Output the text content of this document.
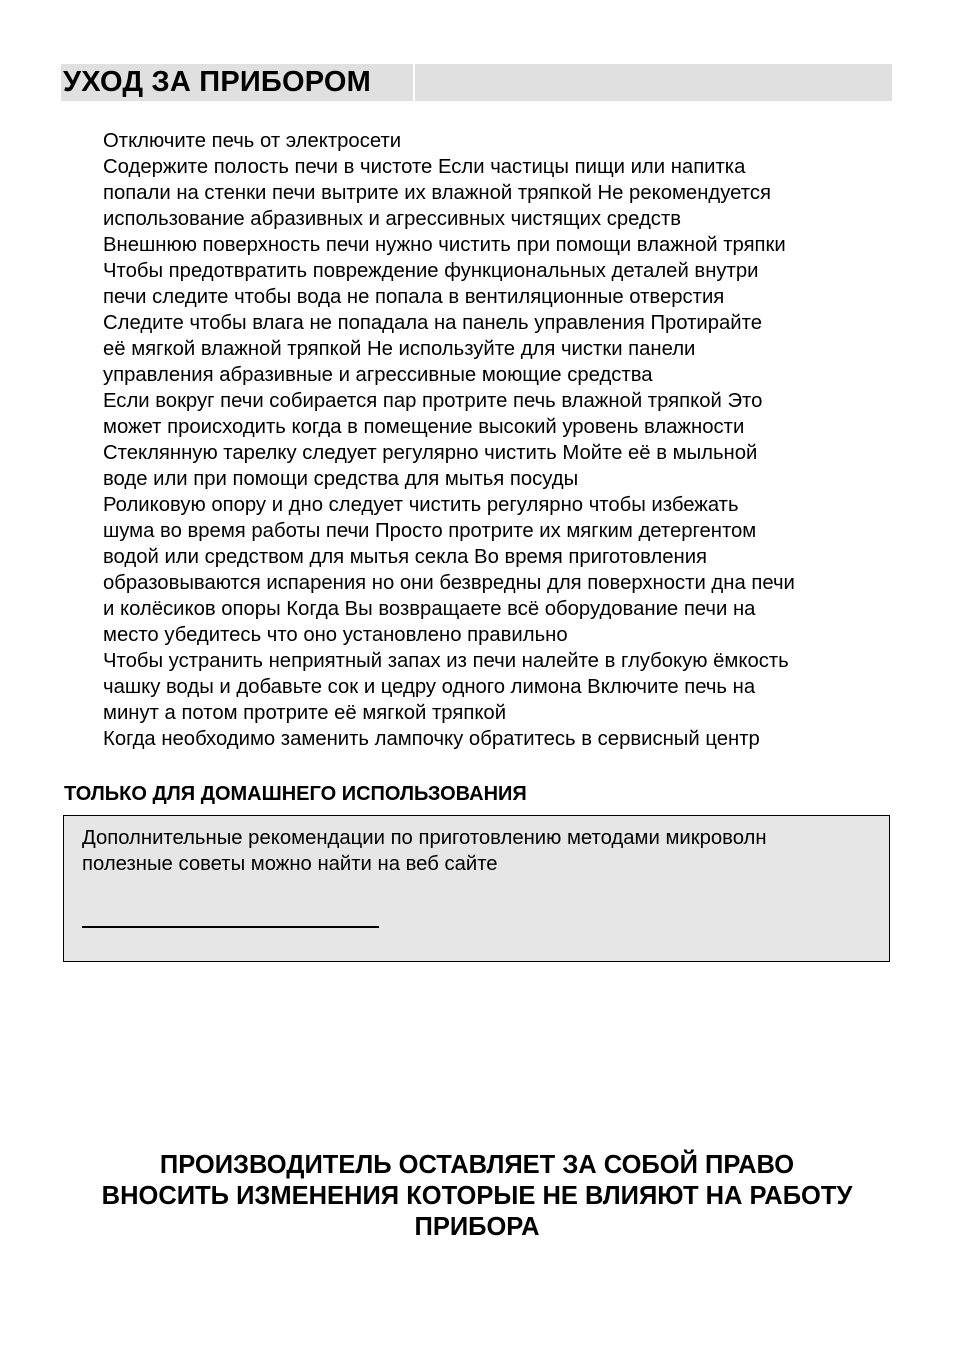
УХОД ЗА ПРИБОРОМ
Отключите печь от электросети
Содержите полость печи в чистоте Если частицы пищи или напитка
попали на стенки печи вытрите их влажной тряпкой Не рекомендуется
использование абразивных и агрессивных чистящих средств
Внешнюю поверхность печи нужно чистить при помощи влажной тряпки
Чтобы предотвратить повреждение функциональных деталей внутри
печи следите чтобы вода не попала в вентиляционные отверстия
Следите чтобы влага не попадала на панель управления Протирайте
её мягкой влажной тряпкой Не используйте для чистки панели
управления абразивные и агрессивные моющие средства
Если вокруг печи собирается пар протрите печь влажной тряпкой Это
может происходить когда в помещение высокий уровень влажности
Стеклянную тарелку следует регулярно чистить Мойте её в мыльной
воде или при помощи средства для мытья посуды
Роликовую опору и дно следует чистить регулярно чтобы избежать
шума во время работы печи Просто протрите их мягким детергентом
водой или средством для мытья секла Во время приготовления
образовываются испарения но они безвредны для поверхности дна печи
и колёсиков опоры Когда Вы возвращаете всё оборудование печи на
место убедитесь что оно установлено правильно
Чтобы устранить неприятный запах из печи налейте в глубокую ёмкость
чашку воды и добавьте сок и цедру одного лимона Включите печь на
минут а потом протрите её мягкой тряпкой
Когда необходимо заменить лампочку обратитесь в сервисный центр
ТОЛЬКО ДЛЯ ДОМАШНЕГО ИСПОЛЬЗОВАНИЯ
Дополнительные рекомендации по приготовлению методами микроволн
полезные советы можно найти на веб сайте
ПРОИЗВОДИТЕЛЬ ОСТАВЛЯЕТ ЗА СОБОЙ ПРАВО
ВНОСИТЬ ИЗМЕНЕНИЯ КОТОРЫЕ НЕ ВЛИЯЮТ НА РАБОТУ
ПРИБОРА
